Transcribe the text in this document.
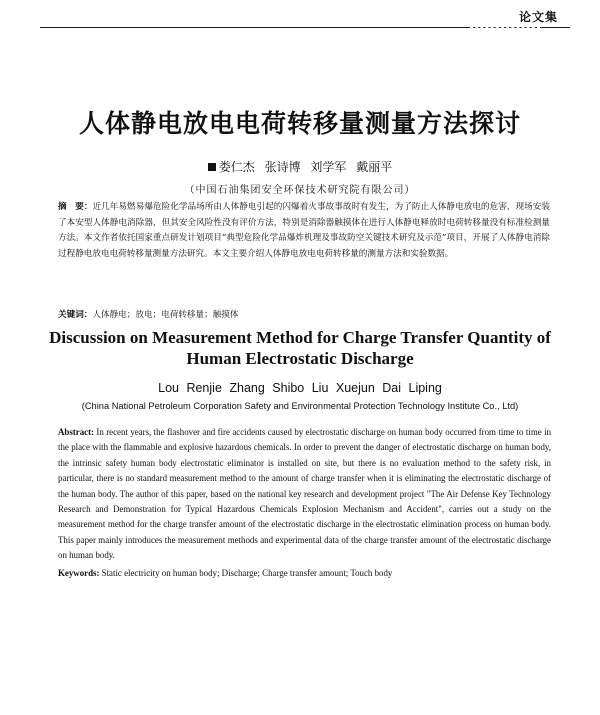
论文集
人体静电放电电荷转移量测量方法探讨
娄仁杰 张诗博 刘学军 戴丽平
（中国石油集团安全环保技术研究院有限公司）
摘　要：近几年易燃易爆危险化学品场所由人体静电引起的闪爆着火事故事故时有发生，为了防止人体静电放电的危害，现场安装了本安型人体静电消除器，但其安全风险性没有评价方法，特别是消除器触摸体在进行人体静电释放时电荷转移量没有标准检测量方法。本文作者依托国家重点研发计划项目“典型危险化学品爆炸机理及事故防空关键技术研究及示范”项目，开展了人体静电消除过程静电放电电荷转移量测量方法研究。本文主要介绍人体静电放电电荷转移量的测量方法和实验数据。
关键词：人体静电；放电；电荷转移量；触摸体
Discussion on Measurement Method for Charge Transfer Quantity of Human Electrostatic Discharge
Lou Renjie Zhang Shibo Liu Xuejun Dai Liping
(China National Petroleum Corporation Safety and Environmental Protection Technology Institute Co., Ltd)
Abstract: In recent years, the flashover and fire accidents caused by electrostatic discharge on human body occurred from time to time in the place with the flammable and explosive hazardous chemicals. In order to prevent the danger of electrostatic discharge on human body, the intrinsic safety human body electrostatic eliminator is installed on site, but there is no evaluation method to the safety risk, in particular, there is no standard measurement method to the amount of charge transfer when it is eliminating the electrostatic discharge of the human body. The author of this paper, based on the national key research and development project "The Air Defense Key Technology Research and Demonstration for Typical Hazardous Chemicals Explosion Mechanism and Accident", carries out a study on the measurement method for the charge transfer amount of the electrostatic discharge in the electrostatic elimination process on human body. This paper mainly introduces the measurement methods and experimental data of the charge transfer amount of the electrostatic discharge on human body.
Keywords: Static electricity on human body; Discharge; Charge transfer amount; Touch body
